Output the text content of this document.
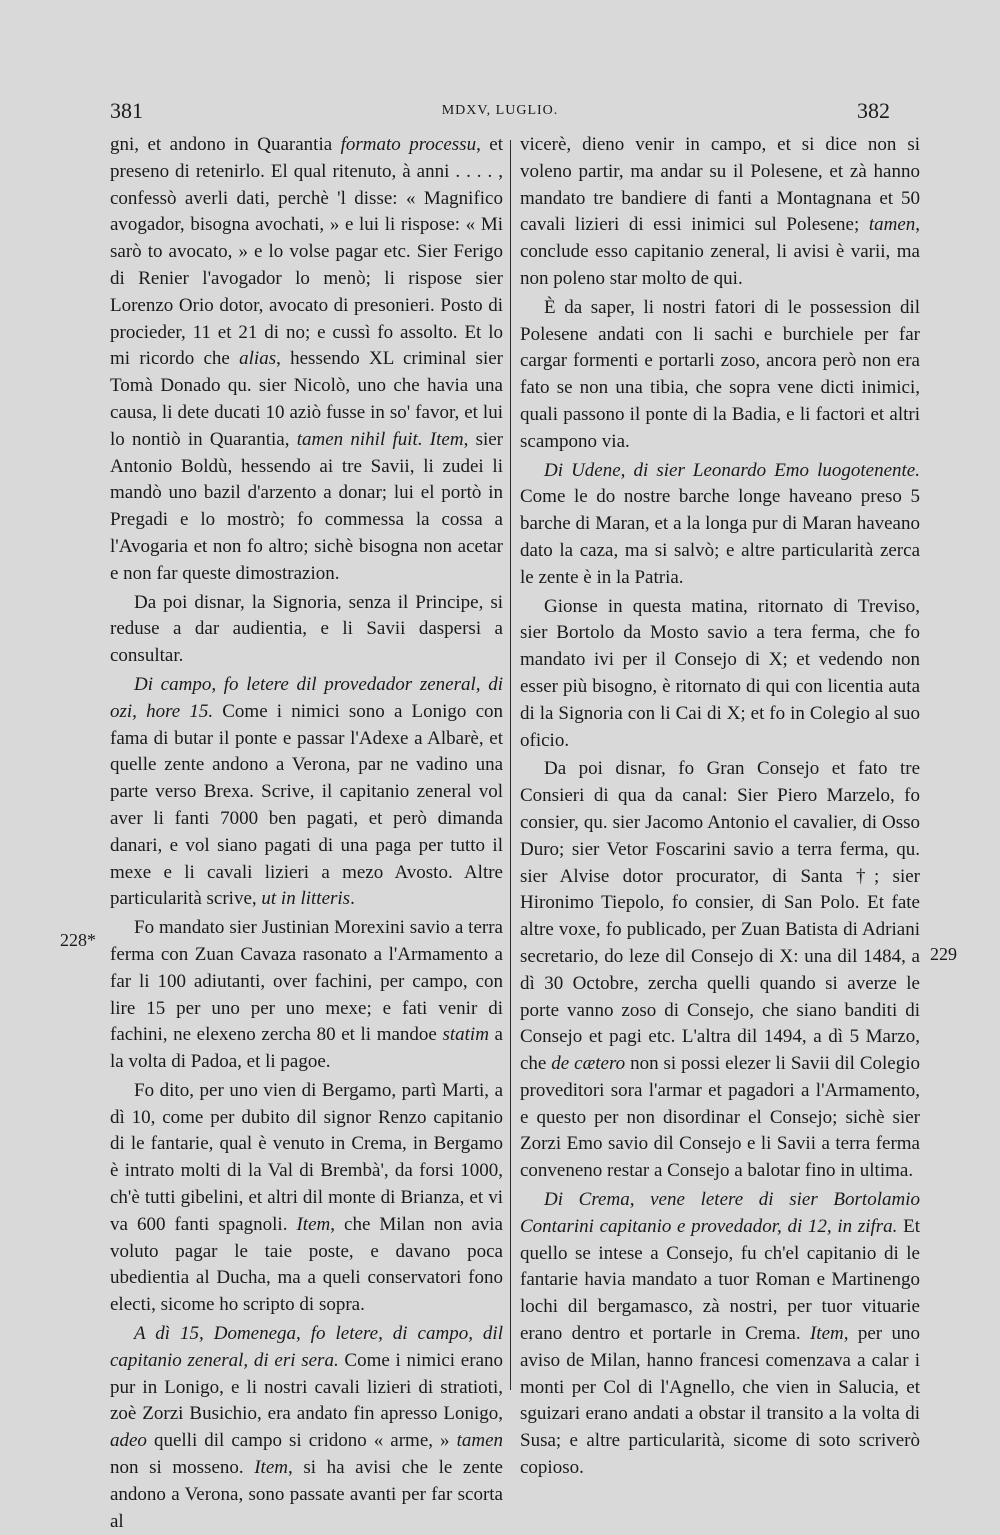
381	MDXV, LUGLIO.	382

gni, et andono in Quarantia formato processu, et preseno di retenirlo. El qual ritenuto, à anni . . . . , confessò averli dati, perchè 'l disse: « Magnifico avogador, bisogna avochati, » e lui li rispose: « Mi sarò to avocato, » e lo volse pagar etc. Sier Ferigo di Renier l'avogador lo menò; li rispose sier Lorenzo Orio dotor, avocato di presonieri. Posto di procieder, 11 et 21 di no; e cussì fo assolto. Et lo mi ricordo che alias, hessendo XL criminal sier Tomà Donado qu. sier Nicolò, uno che havia una causa, li dete ducati 10 aziò fusse in so' favor, et lui lo nontiò in Quarantia, tamen nihil fuit. Item, sier Antonio Boldù, hessendo ai tre Savii, li zudei li mandò uno bazil d'arzento a donar; lui el portò in Pregadi e lo mostrò; fo commessa la cossa a l'Avogaria et non fo altro; sichè bisogna non acetar e non far queste dimostrazion.

Da poi disnar, la Signoria, senza il Principe, si reduse a dar audientia, e li Savii daspersi a consultar.

Di campo, fo letere dil provedador zeneral, di ozi, hore 15. Come i nimici sono a Lonigo con fama di butar il ponte e passar l'Adexe a Albarè, et quelle zente andono a Verona, par ne vadino una parte verso Brexa. Scrive, il capitanio zeneral vol aver li fanti 7000 ben pagati, et però dimanda danari, e vol siano pagati di una paga per tutto il mexe e li cavali lizieri a mezo Avosto. Altre particularità scrive, ut in litteris.

Fo mandato sier Justinian Morexini savio a terra ferma con Zuan Cavaza rasonato a l'Armamento a far li 100 adiutanti, over fachini, per campo, con lire 15 per uno per uno mexe; e fati venir di fachini, ne elexeno zercha 80 et li mandoe statim a la volta di Padoa, et li pagoe.

Fo dito, per uno vien di Bergamo, partì Marti, a dì 10, come per dubito dil signor Renzo capitanio di le fantarie, qual è venuto in Crema, in Bergamo è intrato molti di la Val di Brembà', da forsi 1000, ch'è tutti gibelini, et altri dil monte di Brianza, et vi va 600 fanti spagnoli. Item, che Milan non avia voluto pagar le taie poste, e davano poca ubedientia al Ducha, ma a queli conservatori fono electi, sicome ho scripto di sopra.

A dì 15, Domenega, fo letere, di campo, dil capitanio zeneral, di eri sera. Come i nimici erano pur in Lonigo, e li nostri cavali lizieri di stratioti, zoè Zorzi Busichio, era andato fin apresso Lonigo, adeo quelli dil campo si cridono « arme, » tamen non si mosseno. Item, si ha avisi che le zente andono a Verona, sono passate avanti per far scorta al

vicerè, dieno venir in campo, et si dice non si voleno partir, ma andar su il Polesene, et zà hanno mandato tre bandiere di fanti a Montagnana et 50 cavali lizieri di essi inimici sul Polesene; tamen, conclude esso capitanio zeneral, li avisi è varii, ma non poleno star molto de qui.

È da saper, li nostri fatori di le possession dil Polesene andati con li sachi e burchiele per far cargar formenti e portarli zoso, ancora però non era fato se non una tibia, che sopra vene dicti inimici, quali passono il ponte di la Badia, e li factori et altri scampono via.

Di Udene, di sier Leonardo Emo luogotenente. Come le do nostre barche longe haveano preso 5 barche di Maran, et a la longa pur di Maran haveano dato la caza, ma si salvò; e altre particularità zerca le zente è in la Patria.

Gionse in questa matina, ritornato di Treviso, sier Bortolo da Mosto savio a tera ferma, che fo mandato ivi per il Consejo di X; et vedendo non esser più bisogno, è ritornato di qui con licentia auta di la Signoria con li Cai di X; et fo in Colegio al suo oficio.

Da poi disnar, fo Gran Consejo et fato tre Consieri di qua da canal: Sier Piero Marzelo, fo consier, qu. sier Jacomo Antonio el cavalier, di Osso Duro; sier Vetor Foscarini savio a terra ferma, qu. sier Alvise dotor procurator, di Santa †; sier Hironimo Tiepolo, fo consier, di San Polo. Et fate altre voxe, fo publicado, per Zuan Batista di Adriani secretario, do leze dil Consejo di X: una dil 1484, a dì 30 Octobre, zercha quelli quando si averze le porte vanno zoso di Consejo, che siano banditi di Consejo et pagi etc. L'altra dil 1494, a dì 5 Marzo, che de cætero non si possi elezer li Savii dil Colegio proveditori sora l'armar et pagadori a l'Armamento, e questo per non disordinar el Consejo; sichè sier Zorzi Emo savio dil Consejo e li Savii a terra ferma conveneno restar a Consejo a balotar fino in ultima.

Di Crema, vene letere di sier Bortolamio Contarini capitanio e provedador, di 12, in zifra. Et quello se intese a Consejo, fu ch'el capitanio di le fantarie havia mandato a tuor Roman e Martinengo lochi dil bergamasco, zà nostri, per tuor vituarie erano dentro et portarle in Crema. Item, per uno aviso de Milan, hanno francesi comenzava a calar i monti per Col di l'Agnello, che vien in Salucia, et sguizari erano andati a obstar il transito a la volta di Susa; e altre particularità, sicome di soto scriverò copioso.

228*
229
